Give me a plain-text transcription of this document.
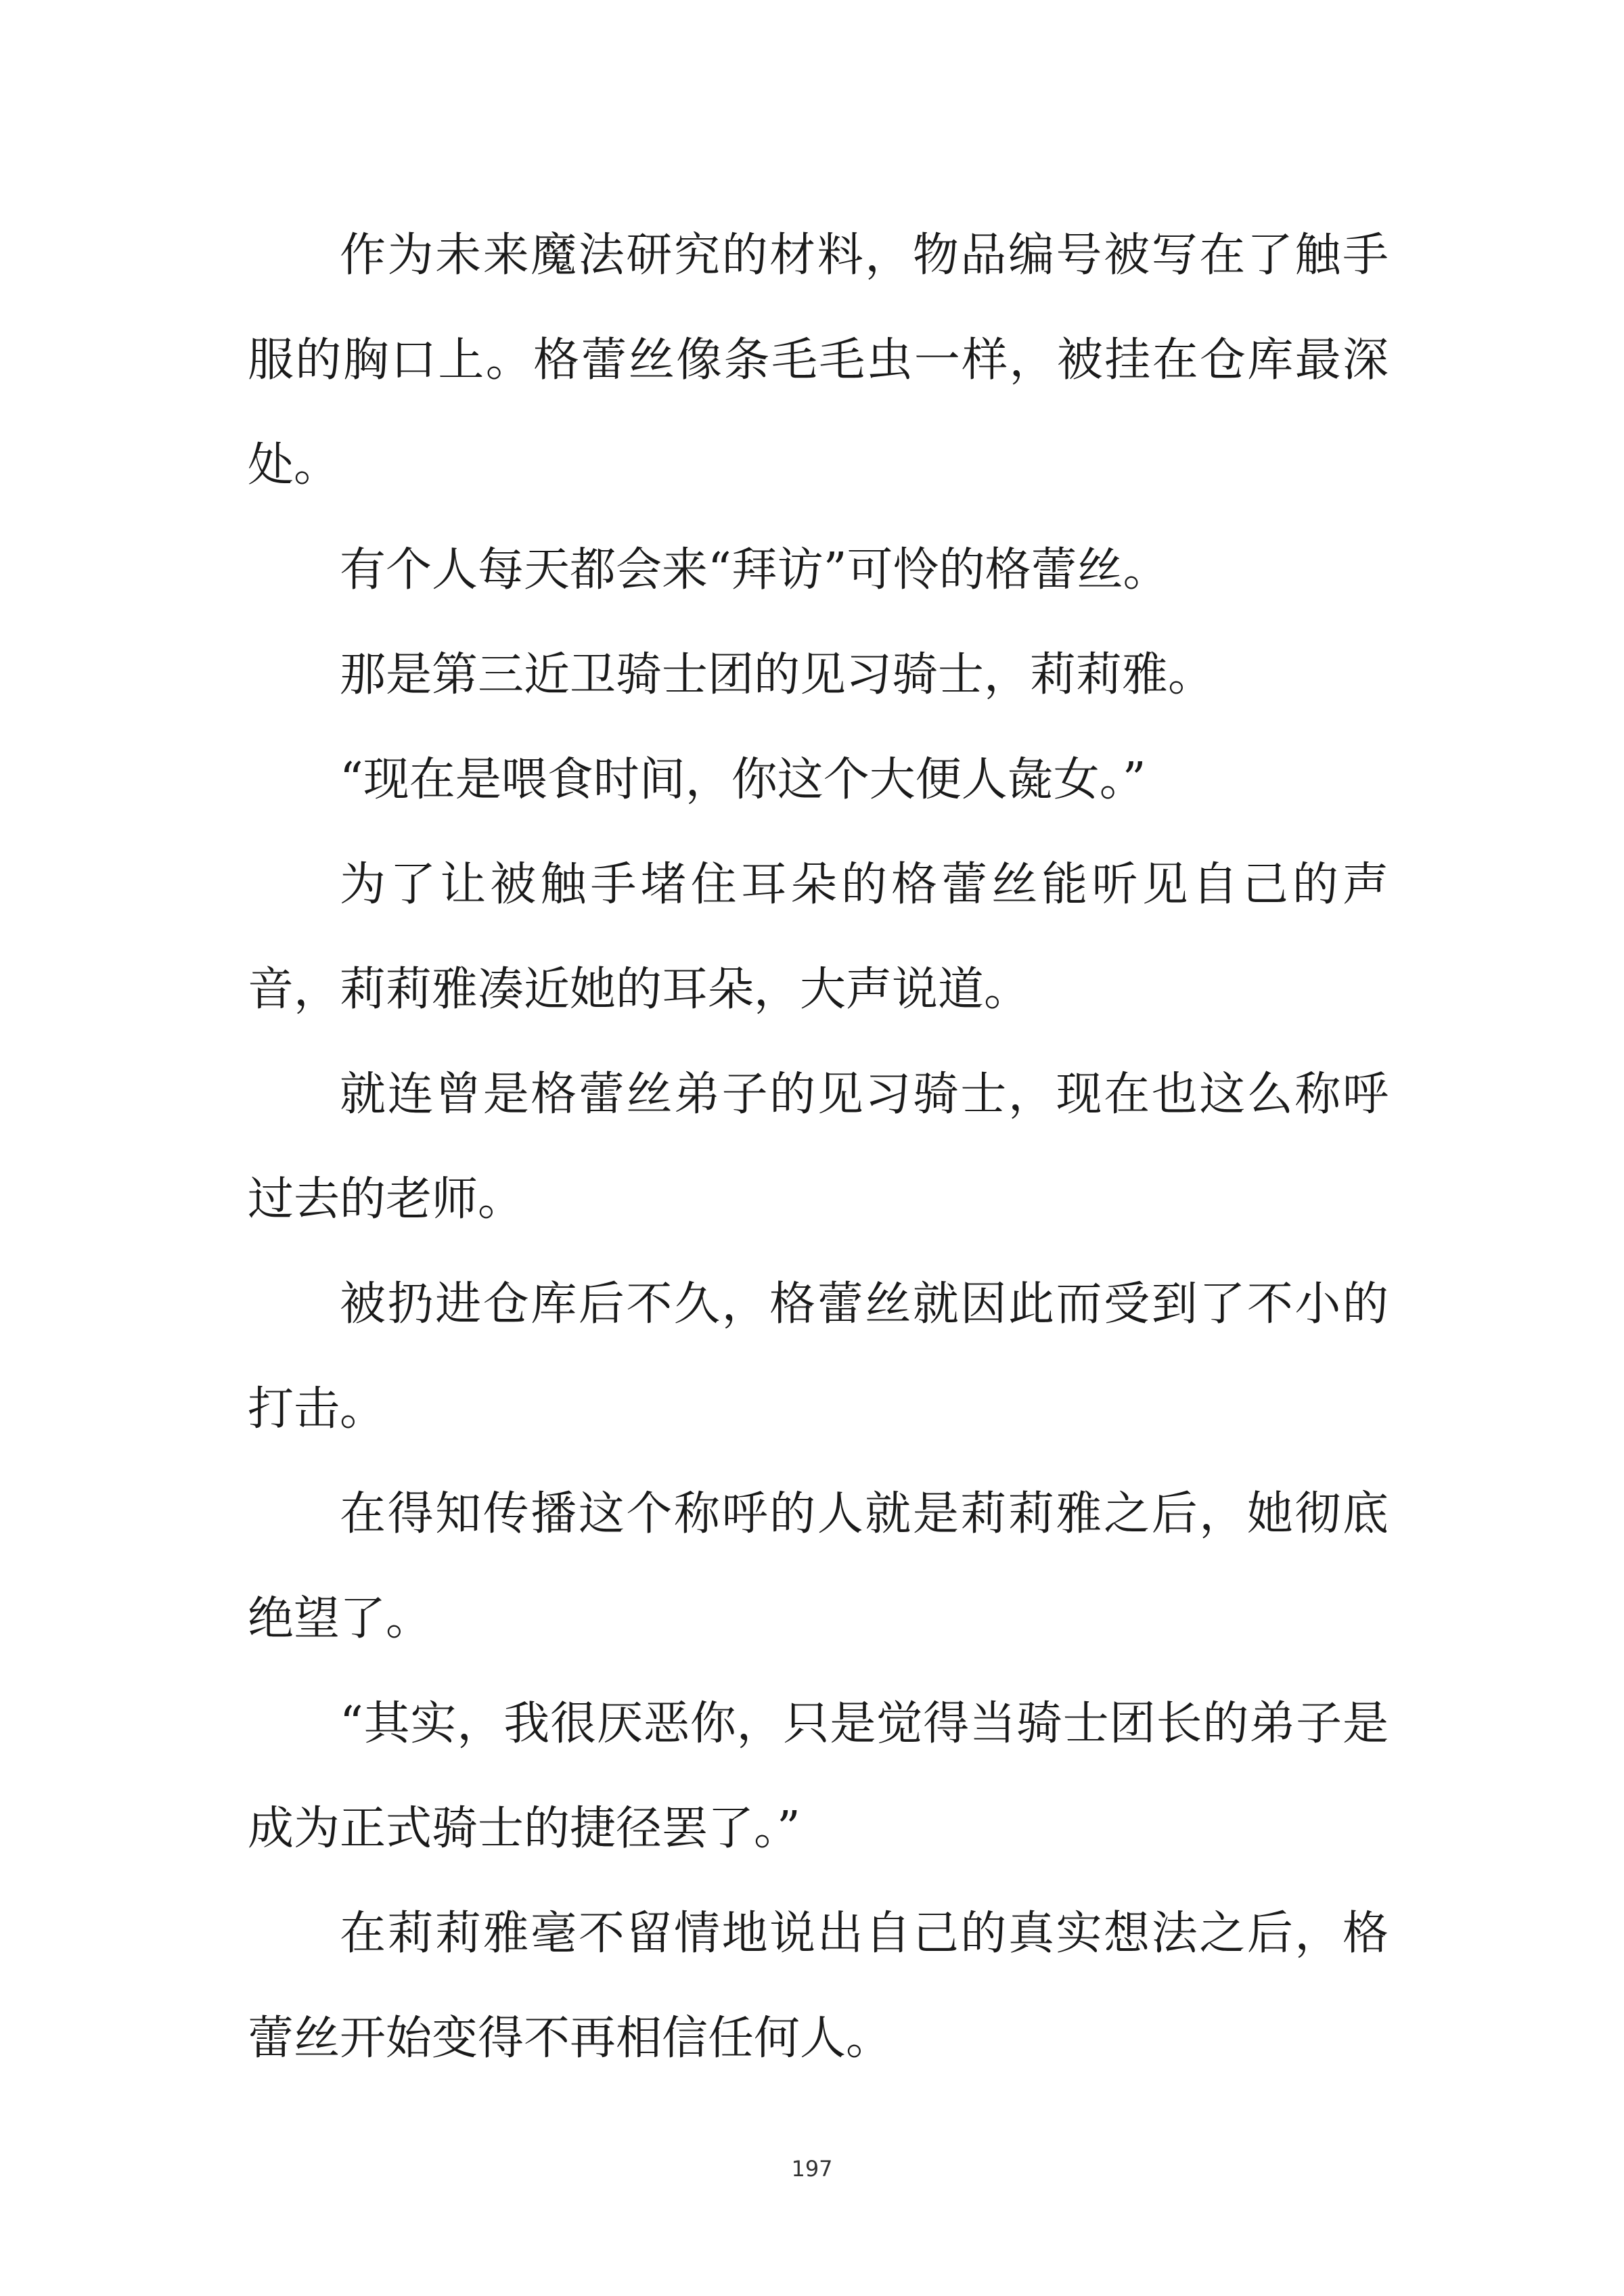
作为未来魔法研究的材料，物品编号被写在了触手服的胸口上。格蕾丝像条毛毛虫一样，被挂在仓库最深处。

有个人每天都会来“拜访”可怜的格蕾丝。

那是第三近卫骑士团的见习骑士，莉莉雅。

“现在是喂食时间，你这个大便人彘女。”

为了让被触手堵住耳朵的格蕾丝能听见自己的声音，莉莉雅凑近她的耳朵，大声说道。

就连曾是格蕾丝弟子的见习骑士，现在也这么称呼过去的老师。

被扔进仓库后不久，格蕾丝就因此而受到了不小的打击。

在得知传播这个称呼的人就是莉莉雅之后，她彻底绝望了。

“其实，我很厌恶你，只是觉得当骑士团长的弟子是成为正式骑士的捷径罢了。”

在莉莉雅毫不留情地说出自己的真实想法之后，格蕾丝开始变得不再相信任何人。

197
